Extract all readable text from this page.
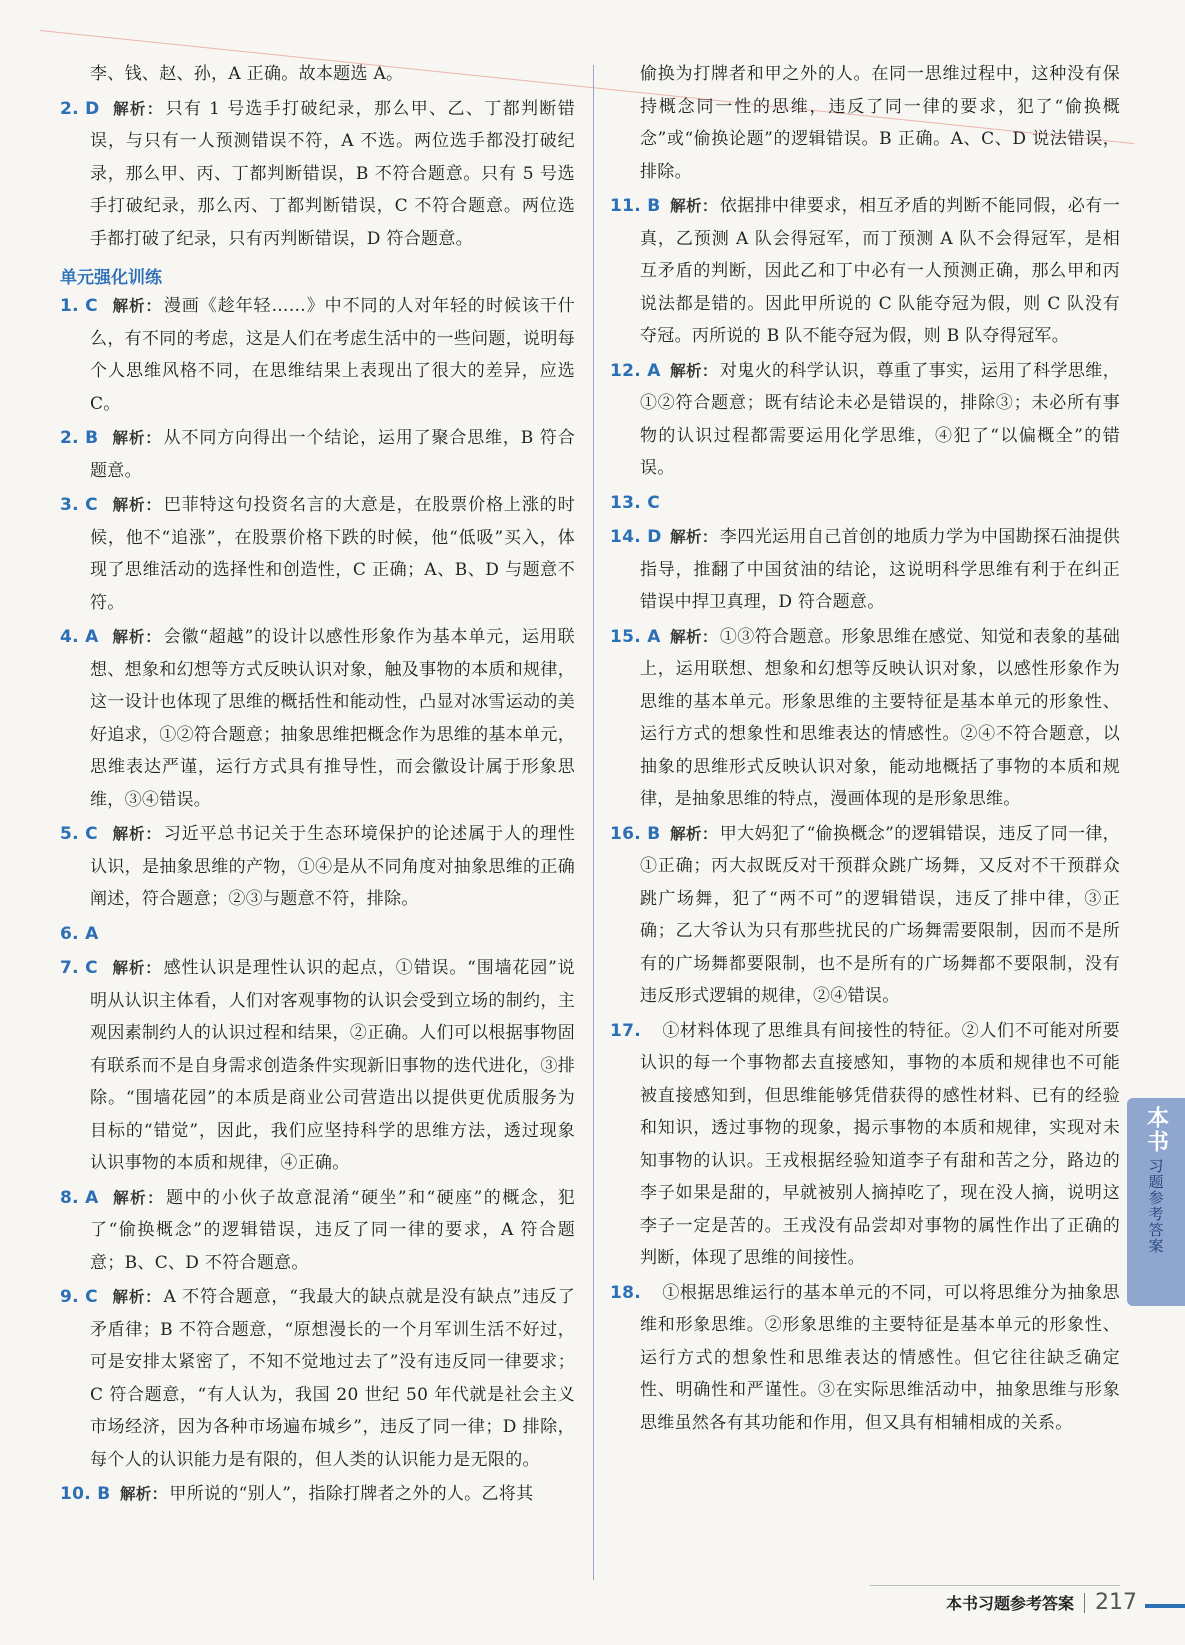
李、钱、赵、孙，A 正确。故本题选 A。

2. D 解析： 只有 1 号选手打破纪录，那么甲、乙、丁都判断错误，与只有一人预测错误不符，A 不选。两位选手都没打破纪录，那么甲、丙、丁都判断错误，B 不符合题意。只有 5 号选手打破纪录，那么丙、丁都判断错误，C 不符合题意。两位选手都打破了纪录，只有丙判断错误，D 符合题意。

单元强化训练

1. C 解析： 漫画《趁年轻……》中不同的人对年轻的时候该干什么，有不同的考虑，这是人们在考虑生活中的一些问题，说明每个人思维风格不同，在思维结果上表现出了很大的差异，应选 C。

2. B 解析： 从不同方向得出一个结论，运用了聚合思维，B 符合题意。

3. C 解析： 巴菲特这句投资名言的大意是，在股票价格上涨的时候，他不“追涨”，在股票价格下跌的时候，他“低吸”买入，体现了思维活动的选择性和创造性，C 正确；A、B、D 与题意不符。

4. A 解析： 会徽“超越”的设计以感性形象作为基本单元，运用联想、想象和幻想等方式反映认识对象，触及事物的本质和规律，这一设计也体现了思维的概括性和能动性，凸显对冰雪运动的美好追求，①②符合题意；抽象思维把概念作为思维的基本单元，思维表达严谨，运行方式具有推导性，而会徽设计属于形象思维，③④错误。

5. C 解析： 习近平总书记关于生态环境保护的论述属于人的理性认识，是抽象思维的产物，①④是从不同角度对抽象思维的正确阐述，符合题意；②③与题意不符，排除。

6. A

7. C 解析： 感性认识是理性认识的起点，①错误。“围墙花园”说明从认识主体看，人们对客观事物的认识会受到立场的制约，主观因素制约人的认识过程和结果，②正确。人们可以根据事物固有联系而不是自身需求创造条件实现新旧事物的迭代进化，③排除。“围墙花园”的本质是商业公司营造出以提供更优质服务为目标的“错觉”，因此，我们应坚持科学的思维方法，透过现象认识事物的本质和规律，④正确。

8. A 解析： 题中的小伙子故意混淆“硬坐”和“硬座”的概念，犯了“偷换概念”的逻辑错误，违反了同一律的要求，A 符合题意；B、C、D 不符合题意。

9. C 解析： A 不符合题意，“我最大的缺点就是没有缺点”违反了矛盾律；B 不符合题意，“原想漫长的一个月军训生活不好过，可是安排太紧密了，不知不觉地过去了”没有违反同一律要求；C 符合题意，“有人认为，我国 20 世纪 50 年代就是社会主义市场经济，因为各种市场遍布城乡”，违反了同一律；D 排除，每个人的认识能力是有限的，但人类的认识能力是无限的。

10. B 解析： 甲所说的“别人”，指除打牌者之外的人。乙将其

偷换为打牌者和甲之外的人。在同一思维过程中，这种没有保持概念同一性的思维，违反了同一律的要求，犯了“偷换概念”或“偷换论题”的逻辑错误。B 正确。A、C、D 说法错误，排除。

11. B 解析： 依据排中律要求，相互矛盾的判断不能同假，必有一真，乙预测 A 队会得冠军，而丁预测 A 队不会得冠军，是相互矛盾的判断，因此乙和丁中必有一人预测正确，那么甲和丙说法都是错的。因此甲所说的 C 队能夺冠为假，则 C 队没有夺冠。丙所说的 B 队不能夺冠为假，则 B 队夺得冠军。

12. A 解析： 对鬼火的科学认识，尊重了事实，运用了科学思维，①②符合题意；既有结论未必是错误的，排除③；未必所有事物的认识过程都需要运用化学思维，④犯了“以偏概全”的错误。

13. C

14. D 解析： 李四光运用自己首创的地质力学为中国勘探石油提供指导，推翻了中国贫油的结论，这说明科学思维有利于在纠正错误中捍卫真理，D 符合题意。

15. A 解析： ①③符合题意。形象思维在感觉、知觉和表象的基础上，运用联想、想象和幻想等反映认识对象，以感性形象作为思维的基本单元。形象思维的主要特征是基本单元的形象性、运行方式的想象性和思维表达的情感性。②④不符合题意，以抽象的思维形式反映认识对象，能动地概括了事物的本质和规律，是抽象思维的特点，漫画体现的是形象思维。

16. B 解析： 甲大妈犯了“偷换概念”的逻辑错误，违反了同一律，①正确；丙大叔既反对干预群众跳广场舞，又反对不干预群众跳广场舞，犯了“两不可”的逻辑错误，违反了排中律，③正确；乙大爷认为只有那些扰民的广场舞需要限制，因而不是所有的广场舞都要限制，也不是所有的广场舞都不要限制，没有违反形式逻辑的规律，②④错误。

17. ①材料体现了思维具有间接性的特征。②人们不可能对所要认识的每一个事物都去直接感知，事物的本质和规律也不可能被直接感知到，但思维能够凭借获得的感性材料、已有的经验和知识，透过事物的现象，揭示事物的本质和规律，实现对未知事物的认识。王戎根据经验知道李子有甜和苦之分，路边的李子如果是甜的，早就被别人摘掉吃了，现在没人摘，说明这李子一定是苦的。王戎没有品尝却对事物的属性作出了正确的判断，体现了思维的间接性。

18. ①根据思维运行的基本单元的不同，可以将思维分为抽象思维和形象思维。②形象思维的主要特征是基本单元的形象性、运行方式的想象性和思维表达的情感性。但它往往缺乏确定性、明确性和严谨性。③在实际思维活动中，抽象思维与形象思维虽然各有其功能和作用，但又具有相辅相成的关系。

本书
习题参考答案
本书习题参考答案 217
